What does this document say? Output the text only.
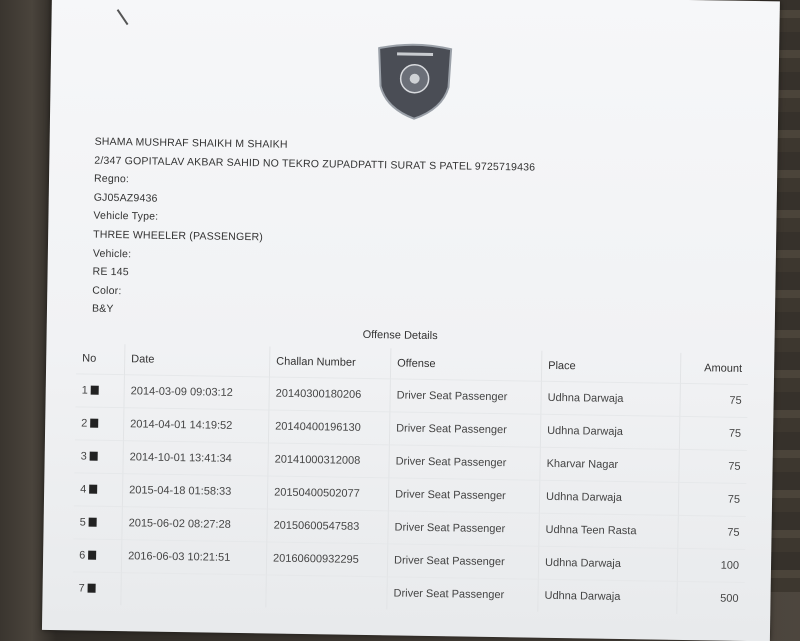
SHAMA MUSHRAF SHAIKH M SHAIKH
2/347 GOPITALAV AKBAR SAHID NO TEKRO ZUPADPATTI SURAT S PATEL 9725719436
Regno:
GJ05AZ9436
Vehicle Type:
THREE WHEELER (PASSENGER)
Vehicle:
RE 145
Color:
B&Y
Offense Details
No	Date	Challan Number	Offense	Place	Amount
1	2014-03-09 09:03:12	20140300180206	Driver Seat Passenger	Udhna Darwaja	75
2	2014-04-01 14:19:52	20140400196130	Driver Seat Passenger	Udhna Darwaja	75
3	2014-10-01 13:41:34	20141000312008	Driver Seat Passenger	Kharvar Nagar	75
4	2015-04-18 01:58:33	20150400502077	Driver Seat Passenger	Udhna Darwaja	75
5	2015-06-02 08:27:28	20150600547583	Driver Seat Passenger	Udhna Teen Rasta	75
6	2016-06-03 10:21:51	20160600932295	Driver Seat Passenger	Udhna Darwaja	100
7			Driver Seat Passenger	Udhna Darwaja	500
